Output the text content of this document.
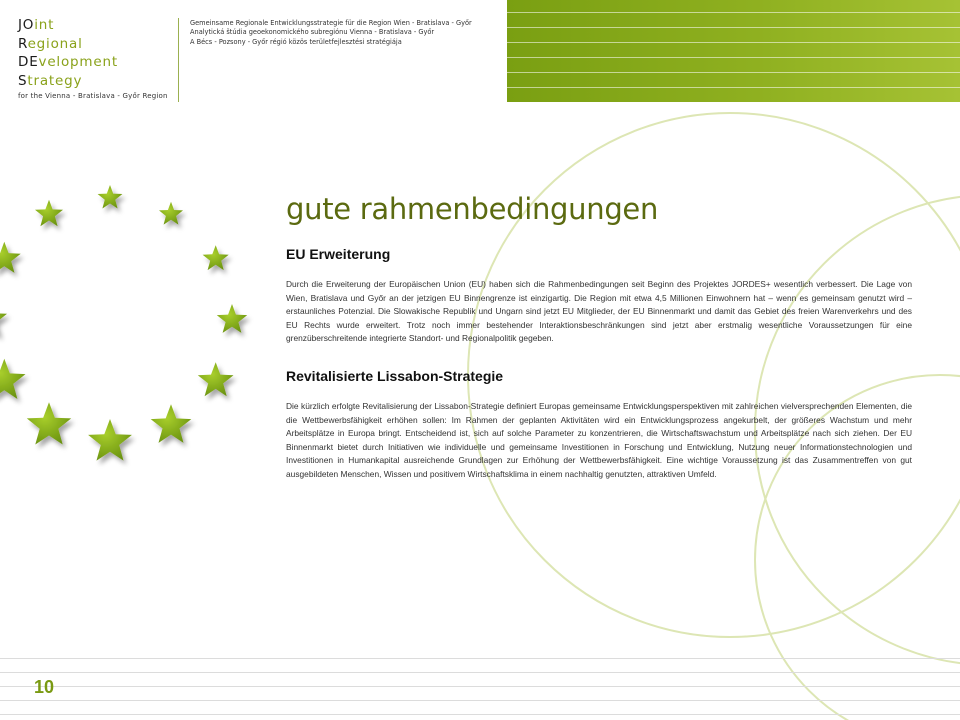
JOint
Regional
DEvelopment
Strategy
for the Vienna - Bratislava - Győr Region
Gemeinsame Regionale Entwicklungsstrategie für die Region Wien - Bratislava - Győr
Analytická štúdia geoekonomického subregiónu Vienna - Bratislava - Győr
A Bécs - Pozsony - Győr régió közös területfejlesztési stratégiája
gute rahmenbedingungen
EU Erweiterung

Durch die Erweiterung der Europäischen Union (EU) haben sich die Rahmenbedingungen seit Beginn des Projektes JORDES+ wesentlich verbessert. Die Lage von Wien, Bratislava und Győr an der jetzigen EU Binnengrenze ist einzigartig. Die Region mit etwa 4,5 Millionen Einwohnern hat – wenn es gemeinsam genutzt wird – erstaunliches Potenzial. Die Slowakische Republik und Ungarn sind jetzt EU Mitglieder, der EU Binnenmarkt und damit das Gebiet des freien Warenverkehrs und des EU Rechts wurde erweitert. Trotz noch immer bestehender Interaktionsbeschränkungen sind jetzt aber erstmalig wesentliche Voraussetzungen für eine grenzüberschreitende integrierte Standort- und Regionalpolitik gegeben.

Revitalisierte Lissabon-Strategie

Die kürzlich erfolgte Revitalisierung der Lissabon-Strategie definiert Europas gemeinsame Entwicklungsperspektiven mit zahlreichen vielversprechenden Elementen, die die Wettbewerbsfähigkeit erhöhen sollen: Im Rahmen der geplanten Aktivitäten wird ein Entwicklungsprozess angekurbelt, der größeres Wachstum und mehr Arbeitsplätze in Europa bringt. Entscheidend ist, sich auf solche Parameter zu konzentrieren, die Wirtschaftswachstum und Arbeitsplätze nach sich ziehen. Der EU Binnenmarkt bietet durch Initiativen wie individuelle und gemeinsame Investitionen in Forschung und Entwicklung, Nutzung neuer Informationstechnologien und Investitionen in Humankapital ausreichende Grundlagen zur Erhöhung der Wettbewerbsfähigkeit. Eine wichtige Voraussetzung ist das Zusammentreffen von gut ausgebildeten Menschen, Wissen und positivem Wirtschaftsklima in einem nachhaltig genutzten, attraktiven Umfeld.

10
